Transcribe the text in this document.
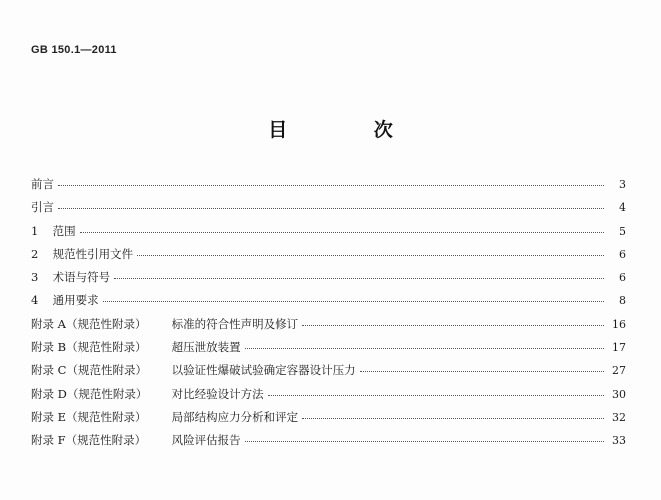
GB 150.1—2011
目 次
前言	3
引言	4
1 范围	5
2 规范性引用文件	6
3 术语与符号	6
4 通用要求	8
附录 A（规范性附录） 标准的符合性声明及修订	16
附录 B（规范性附录） 超压泄放装置	17
附录 C（规范性附录） 以验证性爆破试验确定容器设计压力	27
附录 D（规范性附录） 对比经验设计方法	30
附录 E（规范性附录） 局部结构应力分析和评定	32
附录 F（规范性附录） 风险评估报告	33
